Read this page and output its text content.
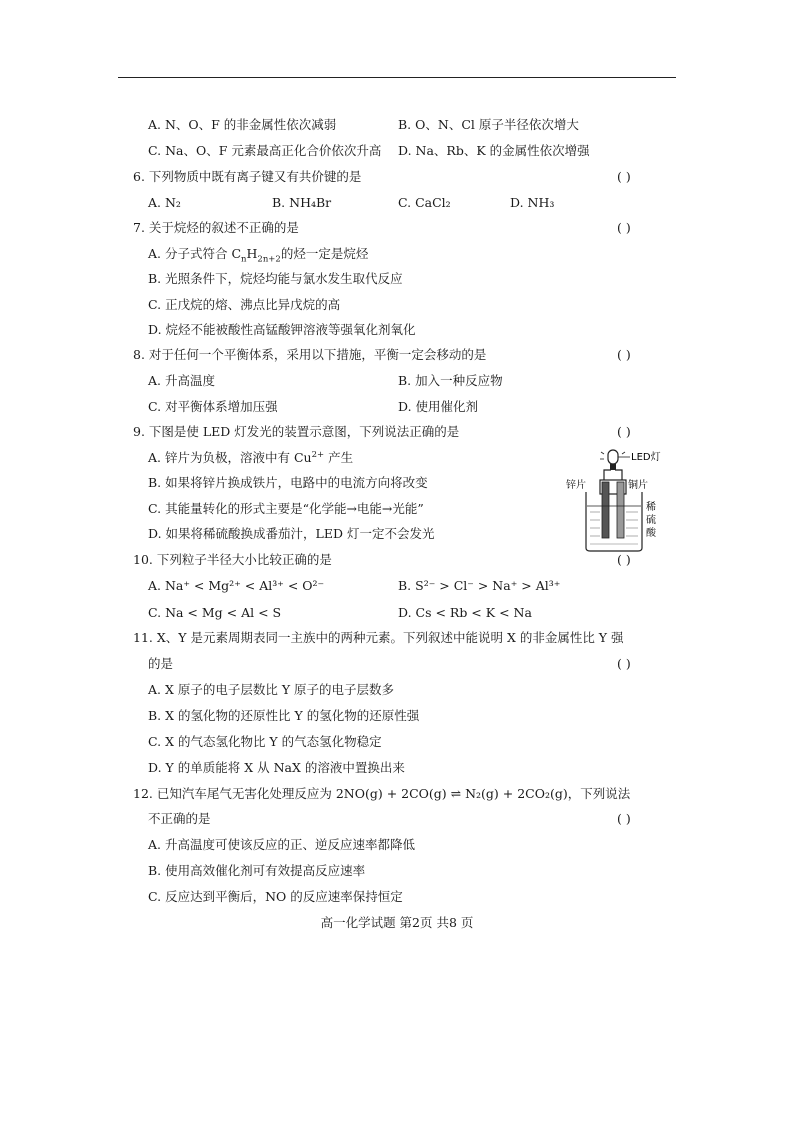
A. N、O、F 的非金属性依次减弱	B. O、N、Cl 原子半径依次增大
C. Na、O、F 元素最高正化合价依次升高 D. Na、Rb、K 的金属性依次增强
6. 下列物质中既有离子键又有共价键的是	( )
A. N₂	B. NH₄Br	C. CaCl₂	D. NH₃
7. 关于烷烃的叙述不正确的是	( )
A. 分子式符合 $C_nH_{2n+2}$的烃一定是烷烃
B. 光照条件下，烷烃均能与氯水发生取代反应
C. 正戊烷的熔、沸点比异戊烷的高
D. 烷烃不能被酸性高锰酸钾溶液等强氧化剂氧化
8. 对于任何一个平衡体系，采用以下措施，平衡一定会移动的是	( )
A. 升高温度	B. 加入一种反应物
C. 对平衡体系增加压强	D. 使用催化剂
9. 下图是使 LED 灯发光的装置示意图，下列说法正确的是	( )
A. 锌片为负极，溶液中有 $Cu^{2+}$ 产生
B. 如果将锌片换成铁片，电路中的电流方向将改变
C. 其能量转化的形式主要是“化学能→电能→光能”
D. 如果将稀硫酸换成番茄汁，LED 灯一定不会发光
LED灯
锌片	铜片
稀
硫
酸
10. 下列粒子半径大小比较正确的是	( )
A. Na⁺ < Mg²⁺ < Al³⁺ < O²⁻	B. S²⁻ > Cl⁻ > Na⁺ > Al³⁺
C. Na < Mg < Al < S	D. Cs < Rb < K < Na
11. X、Y 是元素周期表同一主族中的两种元素。下列叙述中能说明 X 的非金属性比 Y 强
的是	( )
A. X 原子的电子层数比 Y 原子的电子层数多
B. X 的氢化物的还原性比 Y 的氢化物的还原性强
C. X 的气态氢化物比 Y 的气态氢化物稳定
D. Y 的单质能将 X 从 NaX 的溶液中置换出来
12. 已知汽车尾气无害化处理反应为 2NO(g) + 2CO(g) ⇌ N₂(g) + 2CO₂(g)，下列说法
不正确的是	( )
A. 升高温度可使该反应的正、逆反应速率都降低
B. 使用高效催化剂可有效提高反应速率
C. 反应达到平衡后，NO 的反应速率保持恒定
高一化学试题 第2页 共8 页
